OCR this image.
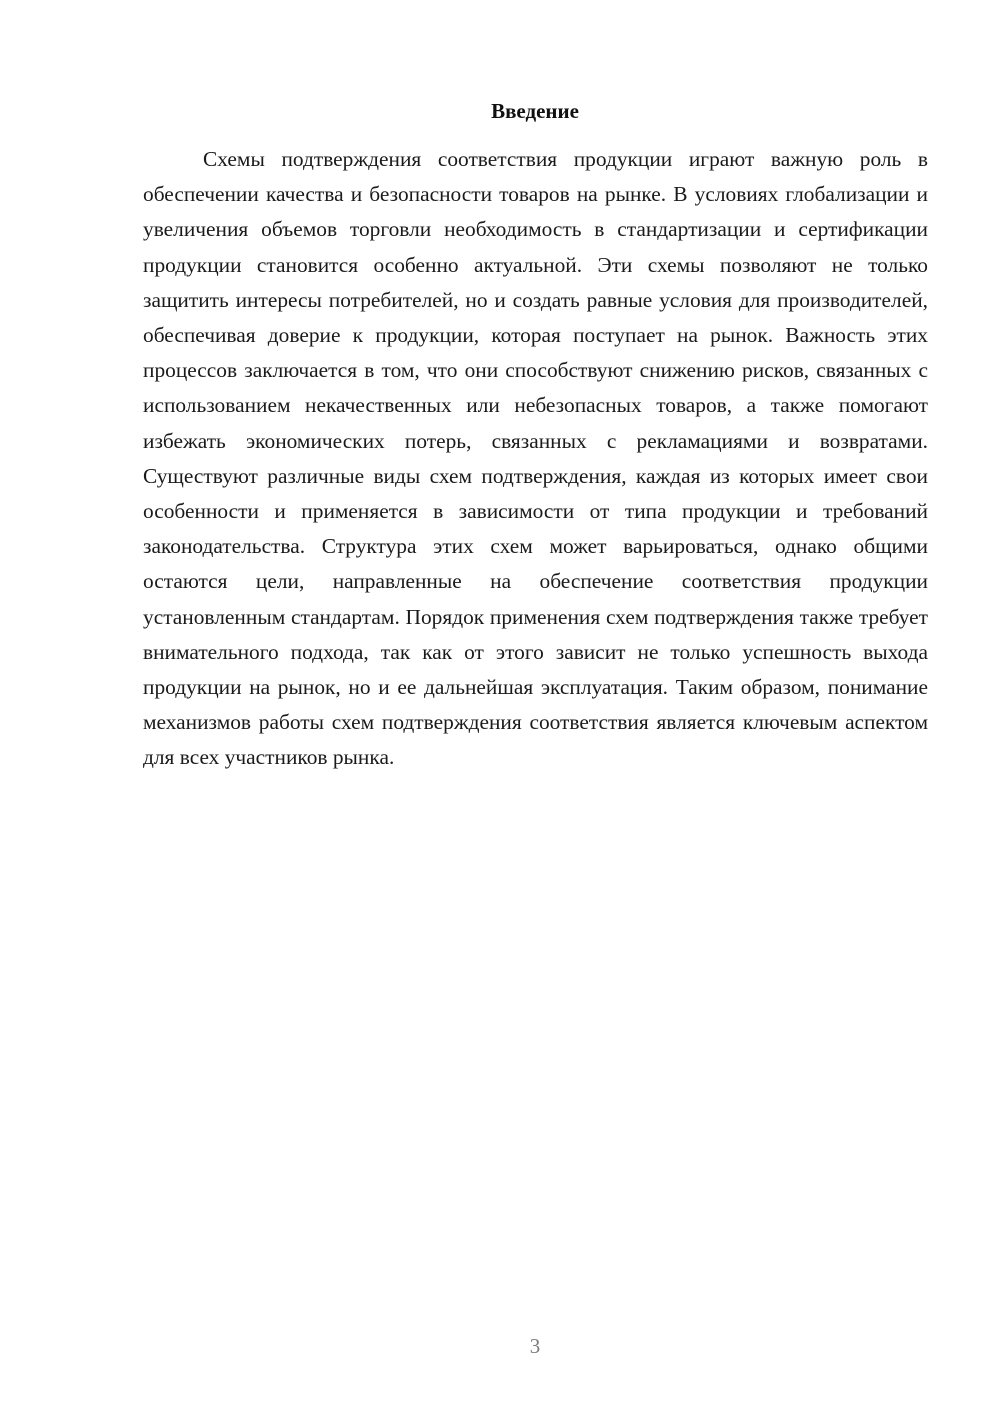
Введение

Схемы подтверждения соответствия продукции играют важную роль в обеспечении качества и безопасности товаров на рынке. В условиях глобализации и увеличения объемов торговли необходимость в стандартизации и сертификации продукции становится особенно актуальной. Эти схемы позволяют не только защитить интересы потребителей, но и создать равные условия для производителей, обеспечивая доверие к продукции, которая поступает на рынок. Важность этих процессов заключается в том, что они способствуют снижению рисков, связанных с использованием некачественных или небезопасных товаров, а также помогают избежать экономических потерь, связанных с рекламациями и возвратами. Существуют различные виды схем подтверждения, каждая из которых имеет свои особенности и применяется в зависимости от типа продукции и требований законодательства. Структура этих схем может варьироваться, однако общими остаются цели, направленные на обеспечение соответствия продукции установленным стандартам. Порядок применения схем подтверждения также требует внимательного подхода, так как от этого зависит не только успешность выхода продукции на рынок, но и ее дальнейшая эксплуатация. Таким образом, понимание механизмов работы схем подтверждения соответствия является ключевым аспектом для всех участников рынка.

3
